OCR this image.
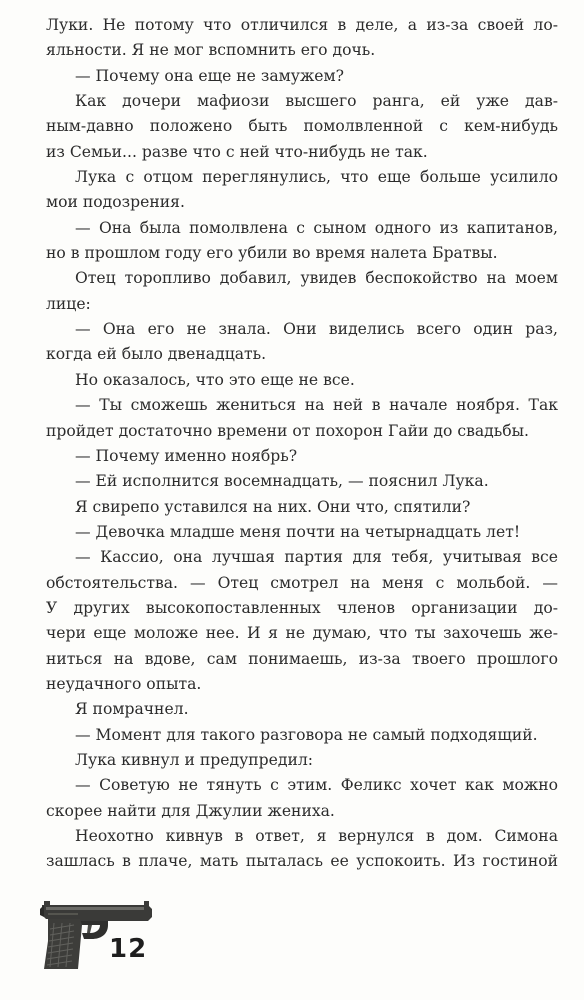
Луки. Не потому что отличился в деле, а из-за своей ло-
яльности. Я не мог вспомнить его дочь.
— Почему она еще не замужем?
Как дочери мафиози высшего ранга, ей уже дав-
ным-давно положено быть помолвленной с кем-нибудь
из Семьи... разве что с ней что-нибудь не так.
Лука с отцом переглянулись, что еще больше усилило
мои подозрения.
— Она была помолвлена с сыном одного из капитанов,
но в прошлом году его убили во время налета Братвы.
Отец торопливо добавил, увидев беспокойство на моем
лице:
— Она его не знала. Они виделись всего один раз,
когда ей было двенадцать.
Но оказалось, что это еще не все.
— Ты сможешь жениться на ней в начале ноября. Так
пройдет достаточно времени от похорон Гайи до свадьбы.
— Почему именно ноябрь?
— Ей исполнится восемнадцать, — пояснил Лука.
Я свирепо уставился на них. Они что, спятили?
— Девочка младше меня почти на четырнадцать лет!
— Кассио, она лучшая партия для тебя, учитывая все
обстоятельства. — Отец смотрел на меня с мольбой. —
У других высокопоставленных членов организации до-
чери еще моложе нее. И я не думаю, что ты захочешь же-
ниться на вдове, сам понимаешь, из-за твоего прошлого
неудачного опыта.
Я помрачнел.
— Момент для такого разговора не самый подходящий.
Лука кивнул и предупредил:
— Советую не тянуть с этим. Феликс хочет как можно
скорее найти для Джулии жениха.
Неохотно кивнув в ответ, я вернулся в дом. Симона
зашлась в плаче, мать пыталась ее успокоить. Из гостиной
12
